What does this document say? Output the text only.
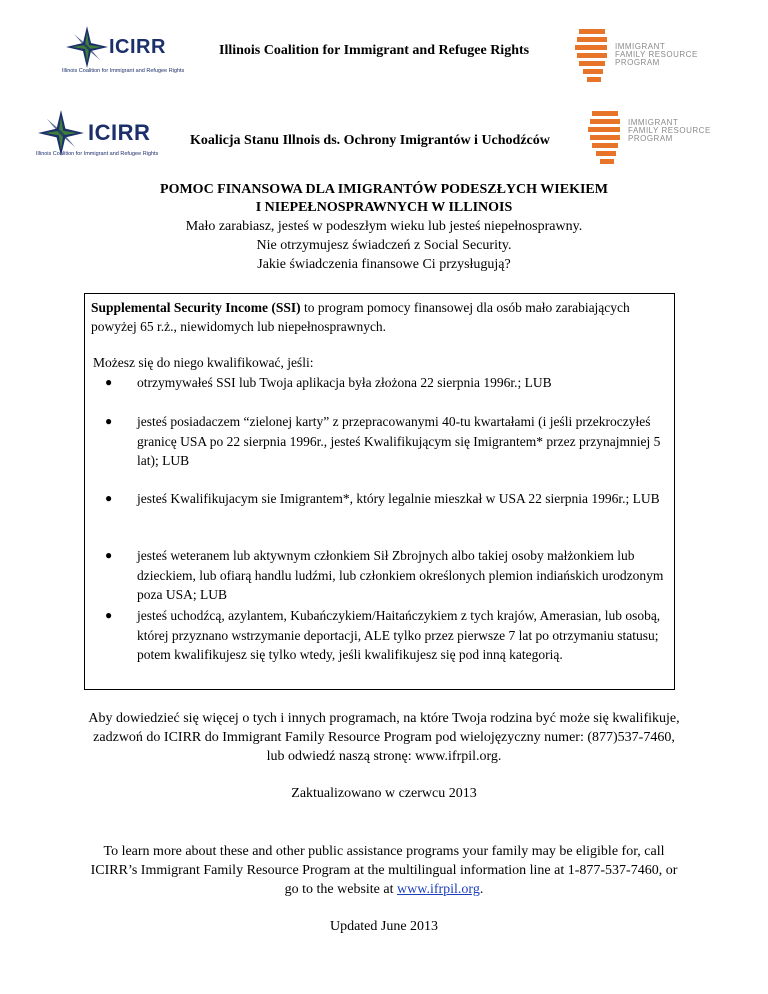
ICIRR
Illinois Coalition for Immigrant and Refugee Rights
Illinois Coalition for Immigrant and Refugee Rights	IMMIGRANT
FAMILY RESOURCE
PROGRAM
ICIRR
Illinois Coalition for Immigrant and Refugee Rights
Koalicja Stanu Illnois ds. Ochrony Imigrantów i Uchodźców
IMMIGRANT
FAMILY RESOURCE
PROGRAM
POMOC FINANSOWA DLA IMIGRANTÓW PODESZŁYCH WIEKIEM
I NIEPEŁNOSPRAWNYCH W ILLINOIS
Mało zarabiasz, jesteś w podeszłym wieku lub jesteś niepełnosprawny.
Nie otrzymujesz świadczeń z Social Security.
Jakie świadczenia finansowe Ci przysługują?

Supplemental Security Income (SSI) to program pomocy finansowej dla osób mało zarabiających powyżej 65 r.ż., niewidomych lub niepełnosprawnych.

Możesz się do niego kwalifikować, jeśli:

● otrzymywałeś SSI lub Twoja aplikacja była złożona 22 sierpnia 1996r.; LUB
● jesteś posiadaczem “zielonej karty” z przepracowanymi 40-tu kwartałami (i jeśli przekroczyłeś granicę USA po 22 sierpnia 1996r., jesteś Kwalifikującym się Imigrantem* przez przynajmniej 5 lat); LUB
● jesteś Kwalifikujacym sie Imigrantem*, który legalnie mieszkał w USA 22 sierpnia 1996r.; LUB
● jesteś weteranem lub aktywnym członkiem Sił Zbrojnych albo takiej osoby małżonkiem lub dzieckiem, lub ofiarą handlu ludźmi, lub członkiem określonych plemion indiańskich urodzonym poza USA; LUB
● jesteś uchodźcą, azylantem, Kubańczykiem/Haitańczykiem z tych krajów, Amerasian, lub osobą, której przyznano wstrzymanie deportacji, ALE tylko przez pierwsze 7 lat po otrzymaniu statusu; potem kwalifikujesz się tylko wtedy, jeśli kwalifikujesz się pod inną kategorią.
Aby dowiedzieć się więcej o tych i innych programach, na które Twoja rodzina być może się kwalifikuje,
zadzwoń do ICIRR do Immigrant Family Resource Program pod wielojęzyczny numer: (877)537-7460,
lub odwiedź naszą stronę: www.ifrpil.org.
Zaktualizowano w czerwcu 2013
To learn more about these and other public assistance programs your family may be eligible for, call
ICIRR’s Immigrant Family Resource Program at the multilingual information line at 1-877-537-7460, or
go to the website at www.ifrpil.org.
Updated June 2013
